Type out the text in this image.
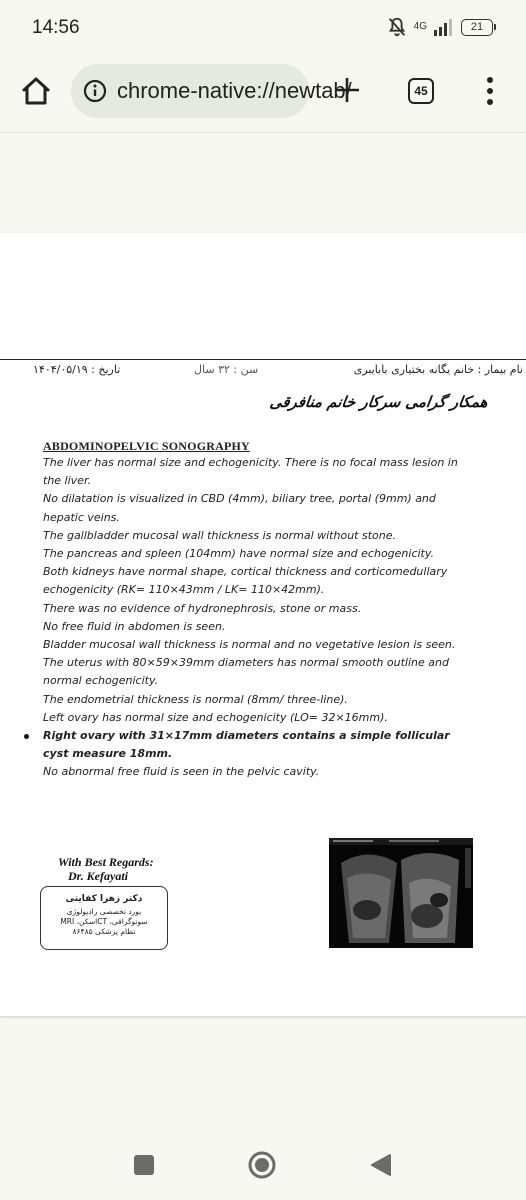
14:56	4G	21
chrome-native://newtab/	45
نام بیمار : خانم یگانه بختیاری بابایبری
سن : ۳۲ سال
تاریخ : ۱۴۰۴/۰۵/۱۹
همکار گرامی سرکار خانم منافرقی
ABDOMINOPELVIC SONOGRAPHY

The liver has normal size and echogenicity. There is no focal mass lesion in the liver.

No dilatation is visualized in CBD (4mm), biliary tree, portal (9mm) and hepatic veins.

The gallbladder mucosal wall thickness is normal without stone.

The pancreas and spleen (104mm) have normal size and echogenicity.

Both kidneys have normal shape, cortical thickness and corticomedullary echogenicity (RK= 110×43mm / LK= 110×42mm).

There was no evidence of hydronephrosis, stone or mass.

No free fluid in abdomen is seen.

Bladder mucosal wall thickness is normal and no vegetative lesion is seen.

The uterus with 80×59×39mm diameters has normal smooth outline and normal echogenicity.

The endometrial thickness is normal (8mm/ three-line).

Left ovary has normal size and echogenicity (LO= 32×16mm).

Right ovary with 31×17mm diameters contains a simple follicular cyst measure 18mm.

No abnormal free fluid is seen in the pelvic cavity.

With Best Regards:
Dr. Kefayati
دکتر زهرا کفایتی
بورد تخصصی رادیولوژی
سونوگرافی، CTاسکن، MRI
نظام پزشکی ۸۶۴۸۵
